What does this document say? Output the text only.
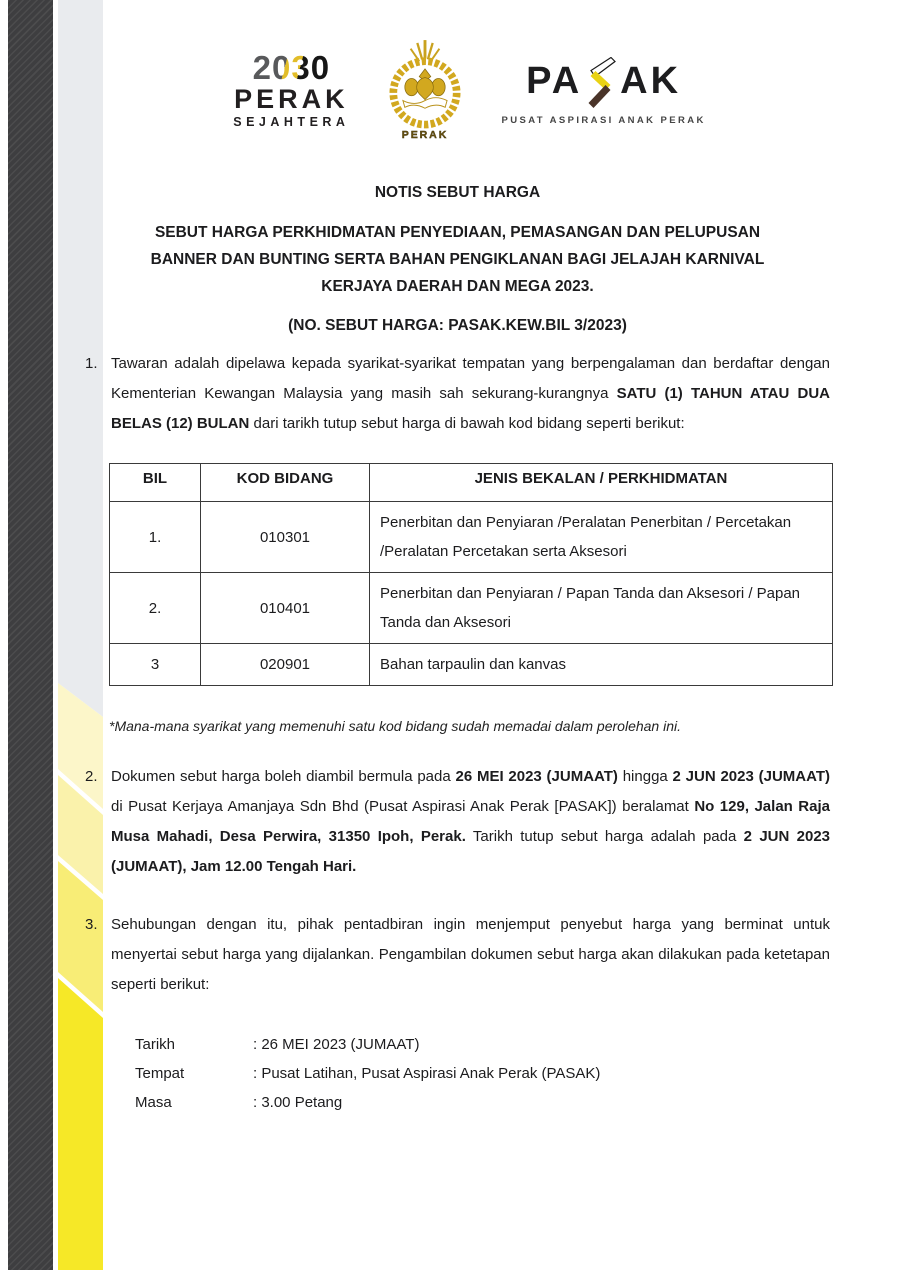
2030
PERAK
SEJAHTERA
PERAK
PA AK
PUSAT ASPIRASI ANAK PERAK
NOTIS SEBUT HARGA
SEBUT HARGA PERKHIDMATAN PENYEDIAAN, PEMASANGAN DAN PELUPUSAN
BANNER DAN BUNTING SERTA BAHAN PENGIKLANAN BAGI JELAJAH KARNIVAL
KERJAYA DAERAH DAN MEGA 2023.
(NO. SEBUT HARGA: PASAK.KEW.BIL 3/2023)
1. Tawaran adalah dipelawa kepada syarikat-syarikat tempatan yang berpengalaman dan berdaftar dengan Kementerian Kewangan Malaysia yang masih sah sekurang-kurangnya SATU (1) TAHUN ATAU DUA BELAS (12) BULAN dari tarikh tutup sebut harga di bawah kod bidang seperti berikut:
BIL	KOD BIDANG	JENIS BEKALAN / PERKHIDMATAN
1.	010301	Penerbitan dan Penyiaran /Peralatan Penerbitan / Percetakan /Peralatan Percetakan serta Aksesori
2.	010401	Penerbitan dan Penyiaran / Papan Tanda dan Aksesori / Papan Tanda dan Aksesori
3	020901	Bahan tarpaulin dan kanvas
*Mana-mana syarikat yang memenuhi satu kod bidang sudah memadai dalam perolehan ini.
2. Dokumen sebut harga boleh diambil bermula pada 26 MEI 2023 (JUMAAT) hingga 2 JUN 2023 (JUMAAT) di Pusat Kerjaya Amanjaya Sdn Bhd (Pusat Aspirasi Anak Perak [PASAK]) beralamat No 129, Jalan Raja Musa Mahadi, Desa Perwira, 31350 Ipoh, Perak. Tarikh tutup sebut harga adalah pada 2 JUN 2023 (JUMAAT), Jam 12.00 Tengah Hari.
3. Sehubungan dengan itu, pihak pentadbiran ingin menjemput penyebut harga yang berminat untuk menyertai sebut harga yang dijalankan. Pengambilan dokumen sebut harga akan dilakukan pada ketetapan seperti berikut:
Tarikh	: 26 MEI 2023 (JUMAAT)
Tempat	: Pusat Latihan, Pusat Aspirasi Anak Perak (PASAK)
Masa	: 3.00 Petang
